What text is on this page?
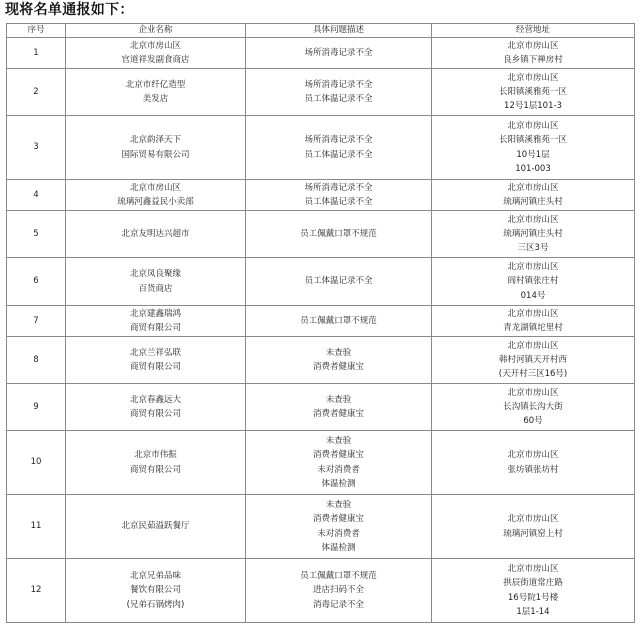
现将名单通报如下：
序号	企业名称	具体问题描述	经营地址
1	北京市房山区
官道祥发副食商店	场所消毒记录不全	北京市房山区
良乡镇下禅房村

2	北京市纤亿造型
美发店	场所消毒记录不全
员工体温记录不全	北京市房山区
长阳镇溪雅苑一区
12号1层101-3

3	北京韵泽天下
国际贸易有限公司	场所消毒记录不全
员工体温记录不全	北京市房山区
长阳镇溪雅苑一区
10号1层
101-003

4	北京市房山区
琉璃河鑫益民小卖部	场所消毒记录不全
员工体温记录不全	北京市房山区
琉璃河镇庄头村

5	北京友明达兴超市	员工佩戴口罩不规范	北京市房山区
琉璃河镇庄头村
三区3号

6	北京凤良聚缘
百货商店	员工体温记录不全	北京市房山区
阎村镇张庄村
014号

7	北京建鑫瑞鸿
商贸有限公司	员工佩戴口罩不规范	北京市房山区
青龙湖镇坨里村

8	北京兰祥弘联
商贸有限公司	未查验
消费者健康宝	北京市房山区
韩村河镇天开村西
(天开村三区16号)

9	北京春鑫远大
商贸有限公司	未查验
消费者健康宝	北京市房山区
长沟镇长沟大街
60号

10	北京市伟振
商贸有限公司	未查验
消费者健康宝
未对消费者
体温检测	北京市房山区
张坊镇张坊村

11	北京民茹溢跃餐厅	未查验
消费者健康宝
未对消费者
体温检测	北京市房山区
琉璃河镇窑上村

12	北京兄弟品味
餐饮有限公司
(兄弟石锅烤肉)	员工佩戴口罩不规范
进店扫码不全
消毒记录不全	北京市房山区
拱辰街道常庄路
16号院1号楼
1层1-14
